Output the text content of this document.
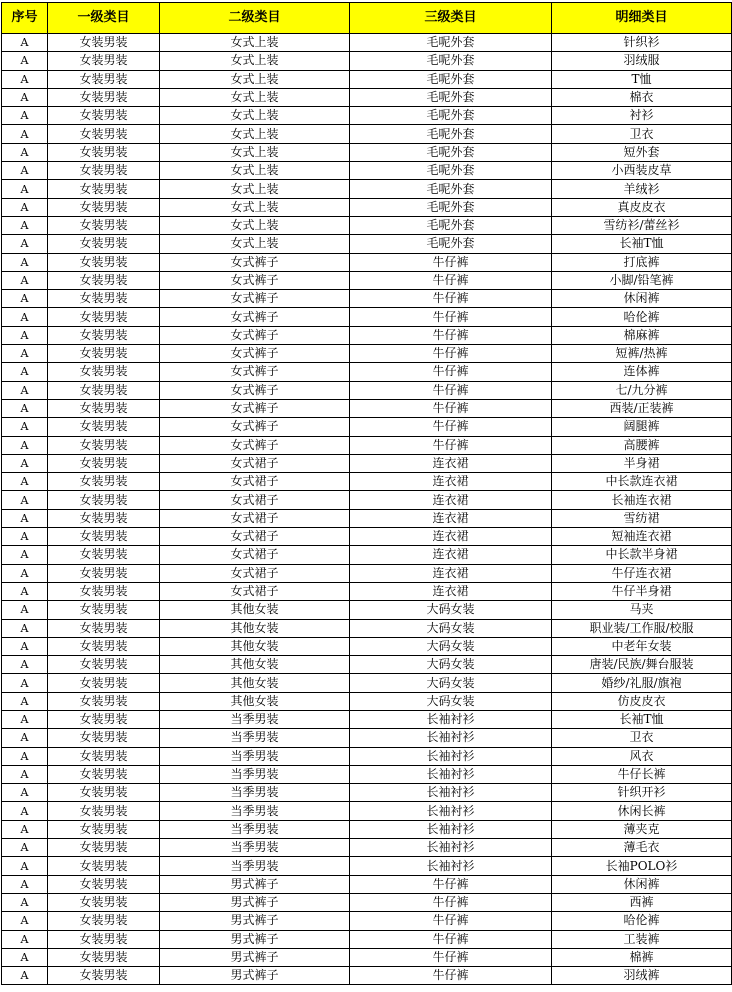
序号	一级类目	二级类目	三级类目	明细类目
A	女装男装	女式上装	毛呢外套	针织衫
A	女装男装	女式上装	毛呢外套	羽绒服
A	女装男装	女式上装	毛呢外套	T恤
A	女装男装	女式上装	毛呢外套	棉衣
A	女装男装	女式上装	毛呢外套	衬衫
A	女装男装	女式上装	毛呢外套	卫衣
A	女装男装	女式上装	毛呢外套	短外套
A	女装男装	女式上装	毛呢外套	小西装皮草
A	女装男装	女式上装	毛呢外套	羊绒衫
A	女装男装	女式上装	毛呢外套	真皮皮衣
A	女装男装	女式上装	毛呢外套	雪纺衫/蕾丝衫
A	女装男装	女式上装	毛呢外套	长袖T恤
A	女装男装	女式裤子	牛仔裤	打底裤
A	女装男装	女式裤子	牛仔裤	小脚/铅笔裤
A	女装男装	女式裤子	牛仔裤	休闲裤
A	女装男装	女式裤子	牛仔裤	哈伦裤
A	女装男装	女式裤子	牛仔裤	棉麻裤
A	女装男装	女式裤子	牛仔裤	短裤/热裤
A	女装男装	女式裤子	牛仔裤	连体裤
A	女装男装	女式裤子	牛仔裤	七/九分裤
A	女装男装	女式裤子	牛仔裤	西装/正装裤
A	女装男装	女式裤子	牛仔裤	阔腿裤
A	女装男装	女式裤子	牛仔裤	高腰裤
A	女装男装	女式裙子	连衣裙	半身裙
A	女装男装	女式裙子	连衣裙	中长款连衣裙
A	女装男装	女式裙子	连衣裙	长袖连衣裙
A	女装男装	女式裙子	连衣裙	雪纺裙
A	女装男装	女式裙子	连衣裙	短袖连衣裙
A	女装男装	女式裙子	连衣裙	中长款半身裙
A	女装男装	女式裙子	连衣裙	牛仔连衣裙
A	女装男装	女式裙子	连衣裙	牛仔半身裙
A	女装男装	其他女装	大码女装	马夹
A	女装男装	其他女装	大码女装	职业装/工作服/校服
A	女装男装	其他女装	大码女装	中老年女装
A	女装男装	其他女装	大码女装	唐装/民族/舞台服装
A	女装男装	其他女装	大码女装	婚纱/礼服/旗袍
A	女装男装	其他女装	大码女装	仿皮皮衣
A	女装男装	当季男装	长袖衬衫	长袖T恤
A	女装男装	当季男装	长袖衬衫	卫衣
A	女装男装	当季男装	长袖衬衫	风衣
A	女装男装	当季男装	长袖衬衫	牛仔长裤
A	女装男装	当季男装	长袖衬衫	针织开衫
A	女装男装	当季男装	长袖衬衫	休闲长裤
A	女装男装	当季男装	长袖衬衫	薄夹克
A	女装男装	当季男装	长袖衬衫	薄毛衣
A	女装男装	当季男装	长袖衬衫	长袖POLO衫
A	女装男装	男式裤子	牛仔裤	休闲裤
A	女装男装	男式裤子	牛仔裤	西裤
A	女装男装	男式裤子	牛仔裤	哈伦裤
A	女装男装	男式裤子	牛仔裤	工装裤
A	女装男装	男式裤子	牛仔裤	棉裤
A	女装男装	男式裤子	牛仔裤	羽绒裤
